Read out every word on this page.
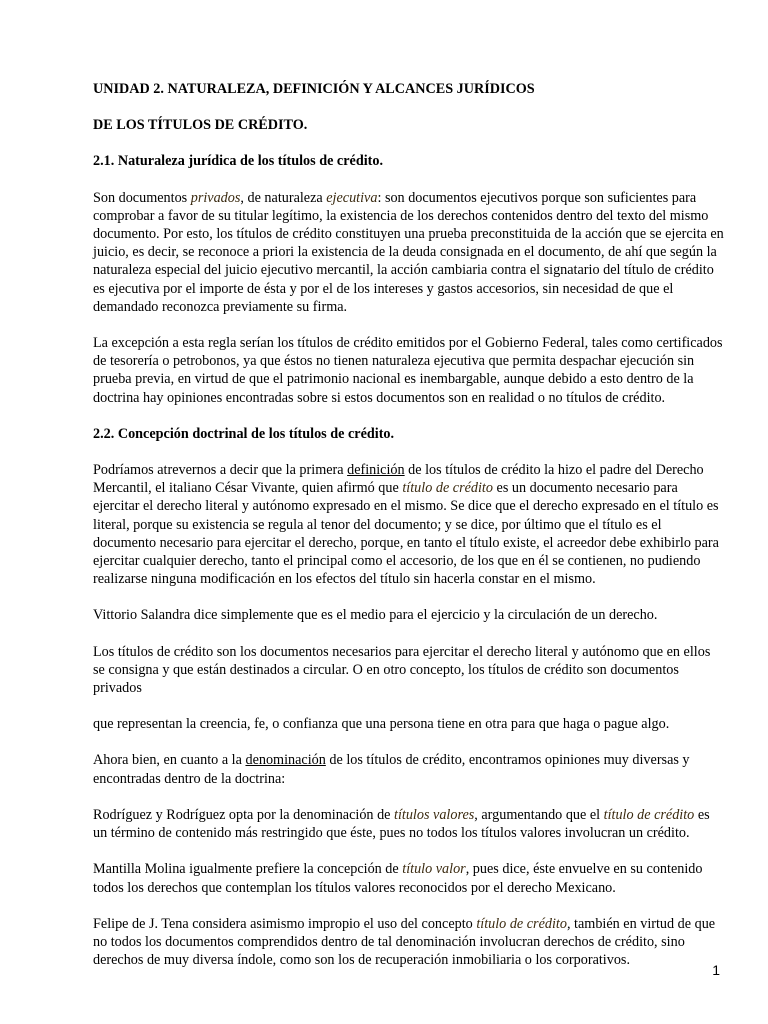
UNIDAD 2. NATURALEZA, DEFINICIÓN Y ALCANCES JURÍDICOS

DE LOS TÍTULOS DE CRÉDITO.

2.1. Naturaleza jurídica de los títulos de crédito.

Son documentos privados, de naturaleza ejecutiva: son documentos ejecutivos porque son suficientes para comprobar a favor de su titular legítimo, la existencia de los derechos contenidos dentro del texto del mismo documento. Por esto, los títulos de crédito constituyen una prueba preconstituida de la acción que se ejercita en juicio, es decir, se reconoce a priori la existencia de la deuda consignada en el documento, de ahí que según la naturaleza especial del juicio ejecutivo mercantil, la acción cambiaria contra el signatario del título de crédito es ejecutiva por el importe de ésta y por el de los intereses y gastos accesorios, sin necesidad de que el demandado reconozca previamente su firma.

La excepción a esta regla serían los títulos de crédito emitidos por el Gobierno Federal, tales como certificados de tesorería o petrobonos, ya que éstos no tienen naturaleza ejecutiva que permita despachar ejecución sin prueba previa, en virtud de que el patrimonio nacional es inembargable, aunque debido a esto dentro de la doctrina hay opiniones encontradas sobre si estos documentos son en realidad o no títulos de crédito.

2.2. Concepción doctrinal de los títulos de crédito.

Podríamos atrevernos a decir que la primera definición de los títulos de crédito la hizo el padre del Derecho Mercantil, el italiano César Vivante, quien afirmó que título de crédito es un documento necesario para ejercitar el derecho literal y autónomo expresado en el mismo. Se dice que el derecho expresado en el título es literal, porque su existencia se regula al tenor del documento; y se dice, por último que el título es el documento necesario para ejercitar el derecho, porque, en tanto el título existe, el acreedor debe exhibirlo para ejercitar cualquier derecho, tanto el principal como el accesorio, de los que en él se contienen, no pudiendo realizarse ninguna modificación en los efectos del título sin hacerla constar en el mismo.

Vittorio Salandra dice simplemente que es el medio para el ejercicio y la circulación de un derecho.

Los títulos de crédito son los documentos necesarios para ejercitar el derecho literal y autónomo que en ellos se consigna y que están destinados a circular. O en otro concepto, los títulos de crédito son documentos privados

que representan la creencia, fe, o confianza que una persona tiene en otra para que haga o pague algo.

Ahora bien, en cuanto a la denominación de los títulos de crédito, encontramos opiniones muy diversas y encontradas dentro de la doctrina:

Rodríguez y Rodríguez opta por la denominación de títulos valores, argumentando que el título de crédito es un término de contenido más restringido que éste, pues no todos los títulos valores involucran un crédito.

Mantilla Molina igualmente prefiere la concepción de título valor, pues dice, éste envuelve en su contenido todos los derechos que contemplan los títulos valores reconocidos por el derecho Mexicano.

Felipe de J. Tena considera asimismo impropio el uso del concepto título de crédito, también en virtud de que no todos los documentos comprendidos dentro de tal denominación involucran derechos de crédito, sino derechos de muy diversa índole, como son los de recuperación inmobiliaria o los corporativos.

1
